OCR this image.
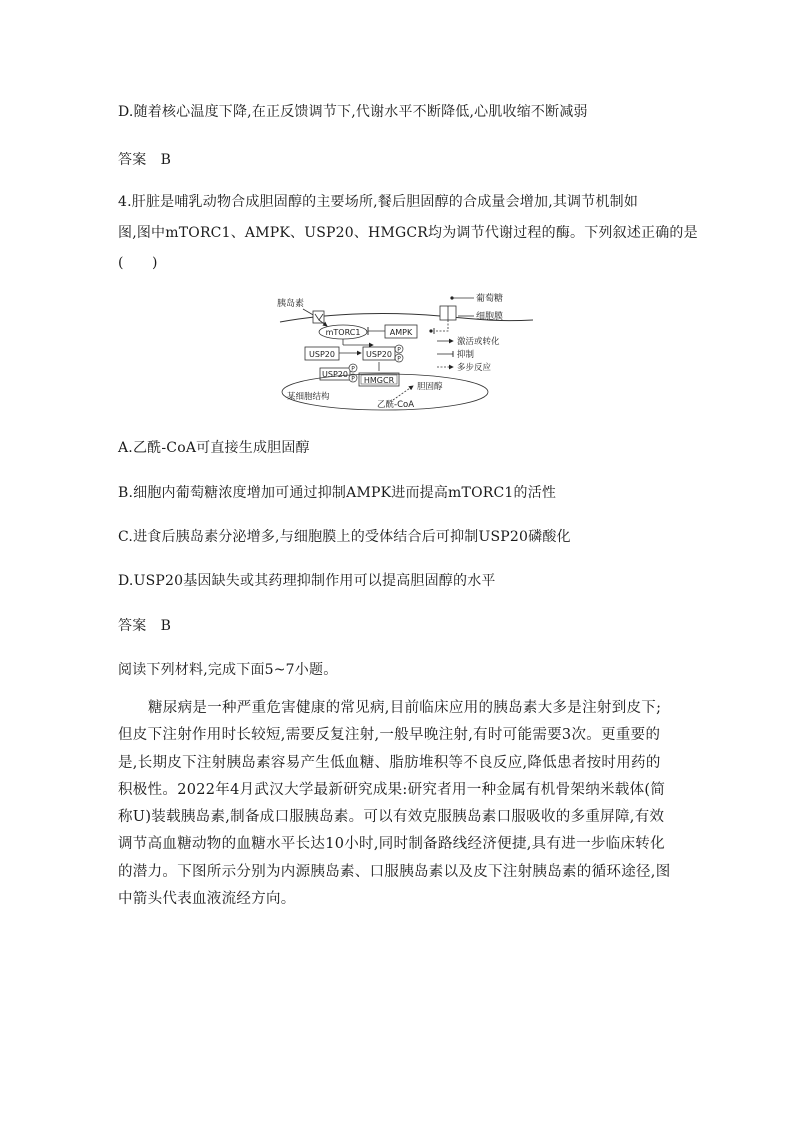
D.随着核心温度下降,在正反馈调节下,代谢水平不断降低,心肌收缩不断减弱
答案　B
4.肝脏是哺乳动物合成胆固醇的主要场所,餐后胆固醇的合成量会增加,其调节机制如
图,图中mTORC1、AMPK、USP20、HMGCR均为调节代谢过程的酶。下列叙述正确的是
(　　)
胰岛素	葡萄糖
细胞膜
mTORC1	AMPK
USP20	USP20 P
P
USP20
P
P HMGCR
某细胞结构
乙酰-CoA
胆固醇
激活或转化
抑制
多步反应
A.乙酰-CoA可直接生成胆固醇
B.细胞内葡萄糖浓度增加可通过抑制AMPK进而提高mTORC1的活性
C.进食后胰岛素分泌增多,与细胞膜上的受体结合后可抑制USP20磷酸化
D.USP20基因缺失或其药理抑制作用可以提高胆固醇的水平
答案　B
阅读下列材料,完成下面5~7小题。

糖尿病是一种严重危害健康的常见病,目前临床应用的胰岛素大多是注射到皮下;

但皮下注射作用时长较短,需要反复注射,一般早晚注射,有时可能需要3次。更重要的

是,长期皮下注射胰岛素容易产生低血糖、脂肪堆积等不良反应,降低患者按时用药的

积极性。2022年4月武汉大学最新研究成果:研究者用一种金属有机骨架纳米载体(简

称U)装载胰岛素,制备成口服胰岛素。可以有效克服胰岛素口服吸收的多重屏障,有效

调节高血糖动物的血糖水平长达10小时,同时制备路线经济便捷,具有进一步临床转化

的潜力。下图所示分别为内源胰岛素、口服胰岛素以及皮下注射胰岛素的循环途径,图

中箭头代表血液流经方向。
